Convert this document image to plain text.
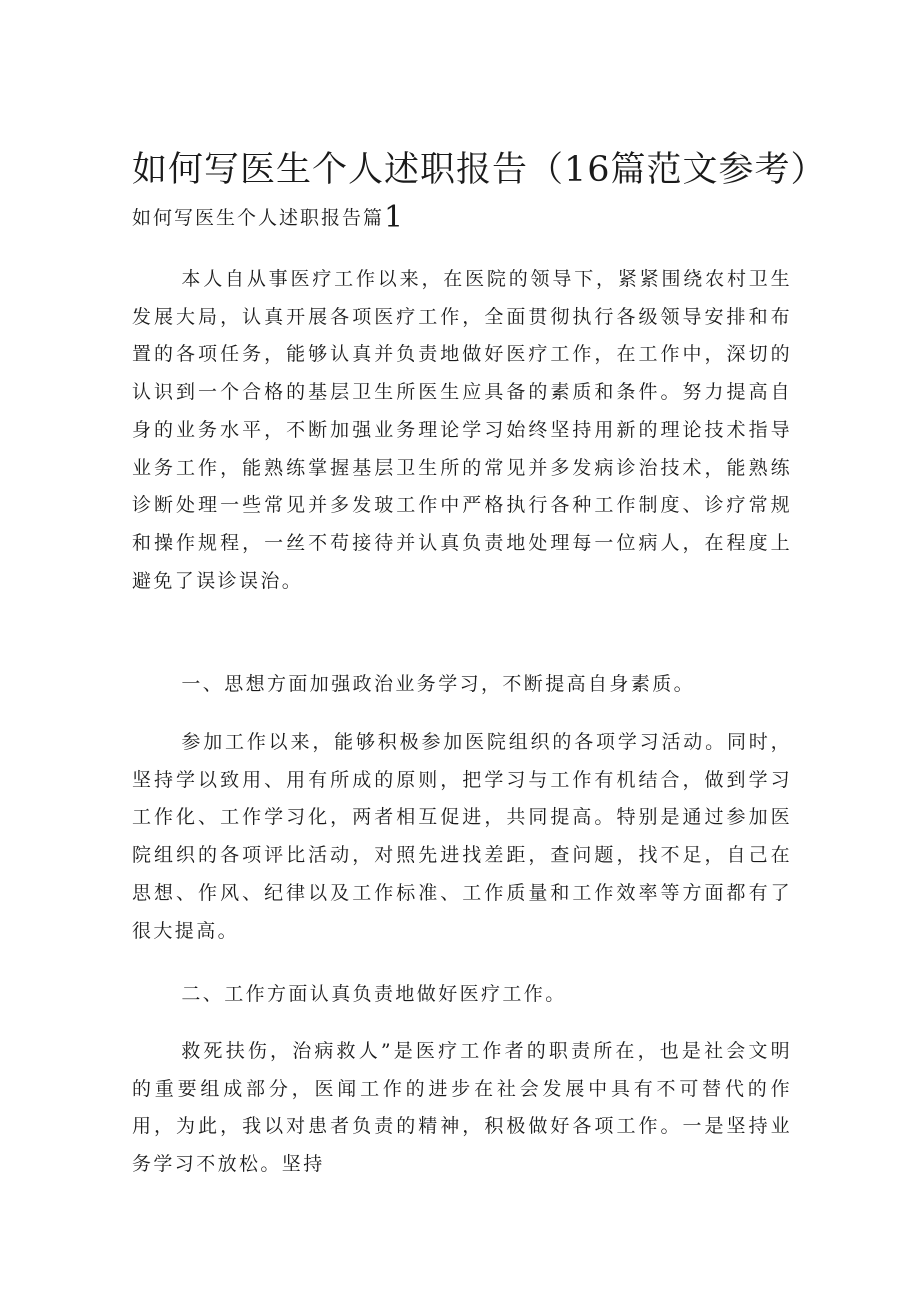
如何写医生个人述职报告（16篇范文参考）
如何写医生个人述职报告篇1

本人自从事医疗工作以来，在医院的领导下，紧紧围绕农村卫生发展大局，认真开展各项医疗工作，全面贯彻执行各级领导安排和布置的各项任务，能够认真并负责地做好医疗工作，在工作中，深切的认识到一个合格的基层卫生所医生应具备的素质和条件。努力提高自身的业务水平，不断加强业务理论学习始终坚持用新的理论技术指导业务工作，能熟练掌握基层卫生所的常见并多发病诊治技术，能熟练诊断处理一些常见并多发玻工作中严格执行各种工作制度、诊疗常规和操作规程，一丝不苟接待并认真负责地处理每一位病人，在程度上避免了误诊误治。

一、思想方面加强政治业务学习，不断提高自身素质。

参加工作以来，能够积极参加医院组织的各项学习活动。同时，坚持学以致用、用有所成的原则，把学习与工作有机结合，做到学习工作化、工作学习化，两者相互促进，共同提高。特别是通过参加医院组织的各项评比活动，对照先进找差距，查问题，找不足，自己在思想、作风、纪律以及工作标准、工作质量和工作效率等方面都有了很大提高。

二、工作方面认真负责地做好医疗工作。

救死扶伤，治病救人”是医疗工作者的职责所在，也是社会文明的重要组成部分，医闻工作的进步在社会发展中具有不可替代的作用，为此，我以对患者负责的精神，积极做好各项工作。一是坚持业务学习不放松。坚持
